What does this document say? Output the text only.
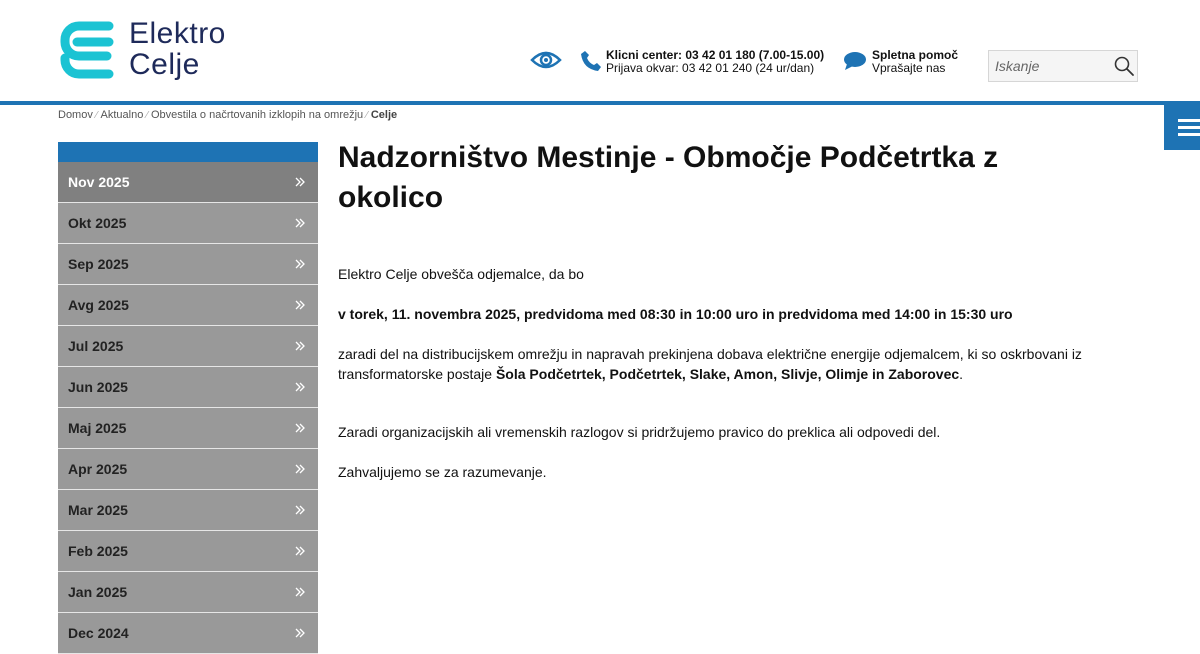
Elektro
Celje	Klicni center: 03 42 01 180 (7.00-15.00)
Prijava okvar: 03 42 01 240 (24 ur/dan)
Spletna pomoč
Vprašajte nas
Iskanje
Domov ⁄ Aktualno ⁄ Obvestila o načrtovanih izklopih na omrežju ⁄ Celje
Nov 2025
Okt 2025
Sep 2025
Avg 2025
Jul 2025
Jun 2025
Maj 2025
Apr 2025
Mar 2025
Feb 2025
Jan 2025
Dec 2024
Nadzorništvo Mestinje - Območje Podčetrtka z okolico

Elektro Celje obvešča odjemalce, da bo

v torek, 11. novembra 2025, predvidoma med 08:30 in 10:00 uro in predvidoma med 14:00 in 15:30 uro

zaradi del na distribucijskem omrežju in napravah prekinjena dobava električne energije odjemalcem, ki so oskrbovani iz transformatorske postaje Šola Podčetrtek, Podčetrtek, Slake, Amon, Slivje, Olimje in Zaborovec.

Zaradi organizacijskih ali vremenskih razlogov si pridržujemo pravico do preklica ali odpovedi del.

Zahvaljujemo se za razumevanje.
